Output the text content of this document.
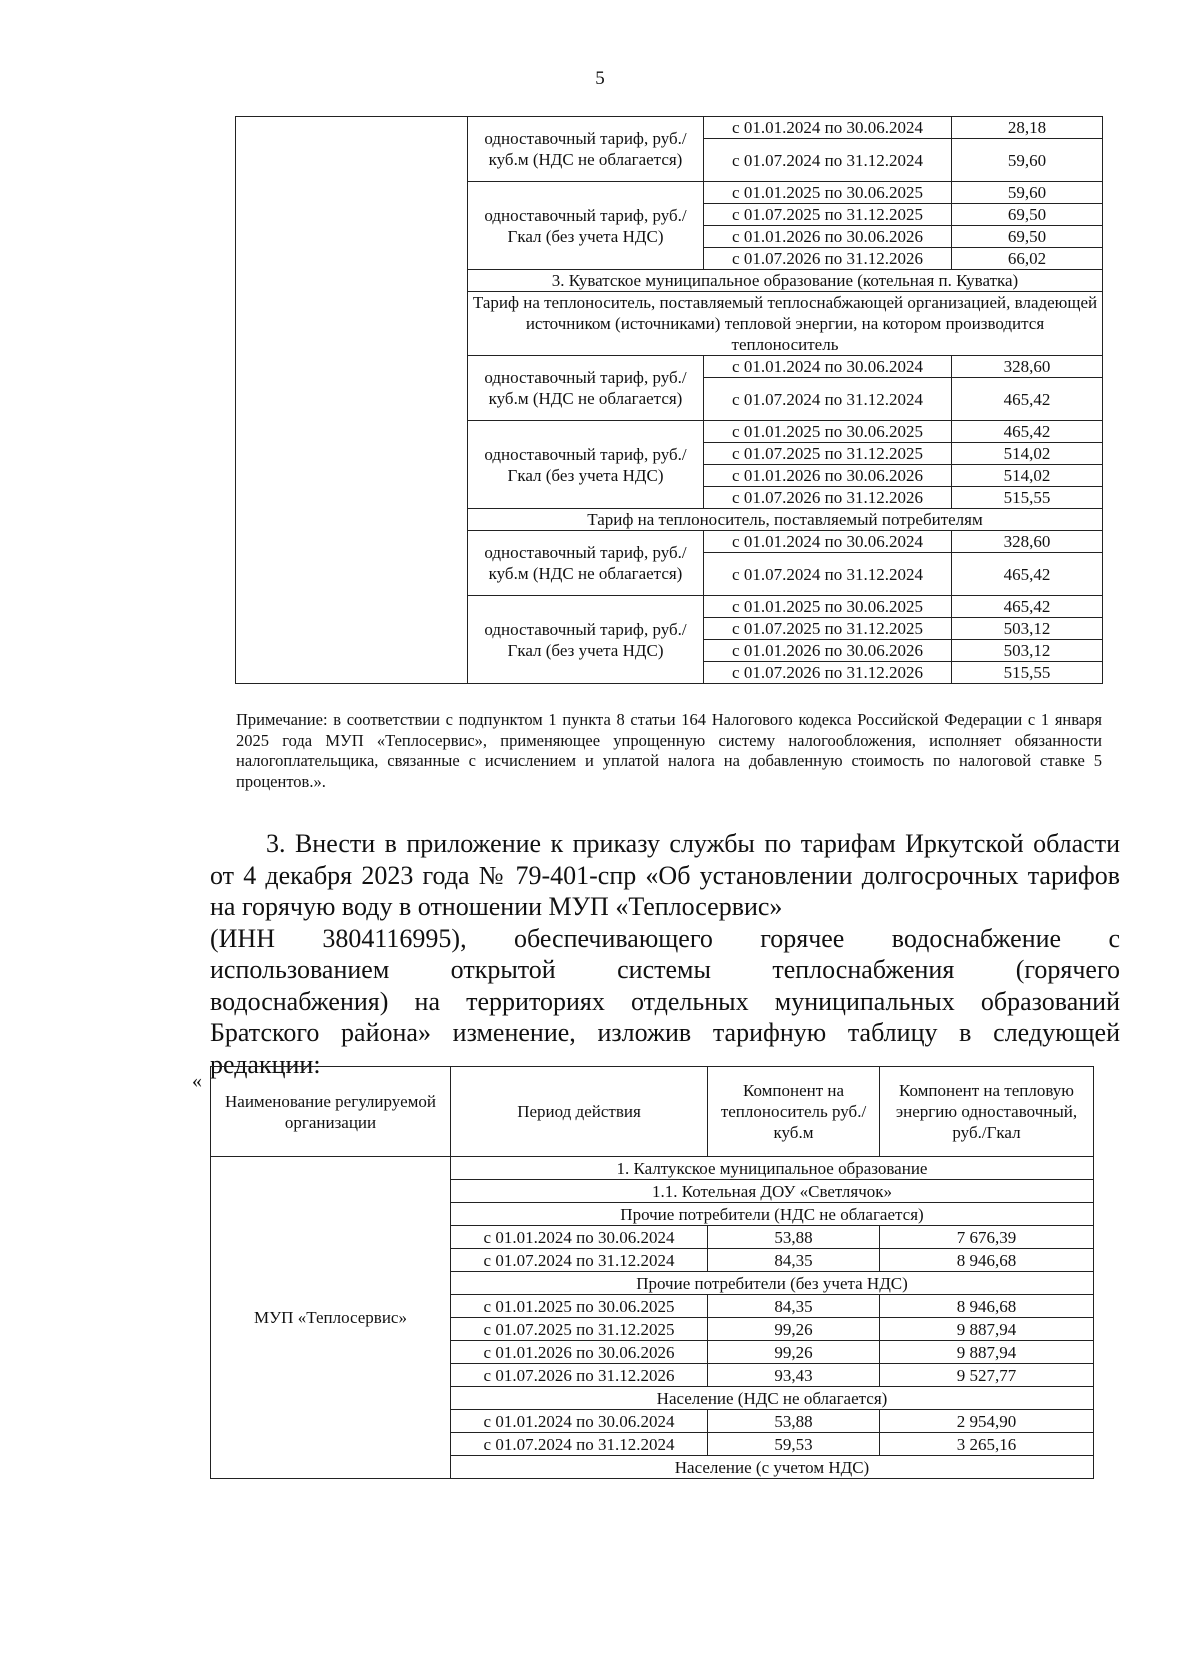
5
	одноставочный тариф, руб./куб.м (НДС не облагается)	с 01.01.2024 по 30.06.2024	28,18
		с 01.07.2024 по 31.12.2024	59,60
	одноставочный тариф, руб./Гкал (без учета НДС)	с 01.01.2025 по 30.06.2025	59,60
		с 01.07.2025 по 31.12.2025	69,50
		с 01.01.2026 по 30.06.2026	69,50
		с 01.07.2026 по 31.12.2026	66,02
	3. Куватское муниципальное образование (котельная п. Куватка)		
	Тариф на теплоноситель, поставляемый теплоснабжающей организацией, владеющей источником (источниками) тепловой энергии, на котором производится теплоноситель		
	одноставочный тариф, руб./куб.м (НДС не облагается)	с 01.01.2024 по 30.06.2024	328,60
		с 01.07.2024 по 31.12.2024	465,42
	одноставочный тариф, руб./Гкал (без учета НДС)	с 01.01.2025 по 30.06.2025	465,42
		с 01.07.2025 по 31.12.2025	514,02
		с 01.01.2026 по 30.06.2026	514,02
		с 01.07.2026 по 31.12.2026	515,55
	Тариф на теплоноситель, поставляемый потребителям		
	одноставочный тариф, руб./куб.м (НДС не облагается)	с 01.01.2024 по 30.06.2024	328,60
		с 01.07.2024 по 31.12.2024	465,42
	одноставочный тариф, руб./Гкал (без учета НДС)	с 01.01.2025 по 30.06.2025	465,42
		с 01.07.2025 по 31.12.2025	503,12
		с 01.01.2026 по 30.06.2026	503,12
		с 01.07.2026 по 31.12.2026	515,55
Примечание: в соответствии с подпунктом 1 пункта 8 статьи 164 Налогового кодекса Российской Федерации с 1 января 2025 года МУП «Теплосервис», применяющее упрощенную систему налогообложения, исполняет обязанности налогоплательщика, связанные с исчислением и уплатой налога на добавленную стоимость по налоговой ставке 5 процентов.».

3. Внести в приложение к приказу службы по тарифам Иркутской области от 4 декабря 2023 года № 79-401-спр «Об установлении долгосрочных тарифов на горячую воду в отношении МУП «Теплосервис»

(ИНН 3804116995), обеспечивающего горячее водоснабжение с
использованием открытой системы теплоснабжения (горячего

водоснабжения) на территориях отдельных муниципальных образований Братского района» изменение, изложив тарифную таблицу в следующей редакции:

«
Наименование регулируемой организации	Период действия	Компонент на теплоноситель руб./куб.м	Компонент на тепловую энергию одноставочный, руб./Гкал
МУП «Теплосервис»	1. Калтукское муниципальное образование		
	1.1. Котельная ДОУ «Светлячок»		
	Прочие потребители (НДС не облагается)		
	с 01.01.2024 по 30.06.2024	53,88	7 676,39
	с 01.07.2024 по 31.12.2024	84,35	8 946,68
	Прочие потребители (без учета НДС)		
	с 01.01.2025 по 30.06.2025	84,35	8 946,68
	с 01.07.2025 по 31.12.2025	99,26	9 887,94
	с 01.01.2026 по 30.06.2026	99,26	9 887,94
	с 01.07.2026 по 31.12.2026	93,43	9 527,77
	Население (НДС не облагается)		
	с 01.01.2024 по 30.06.2024	53,88	2 954,90
	с 01.07.2024 по 31.12.2024	59,53	3 265,16
	Население (с учетом НДС)		
